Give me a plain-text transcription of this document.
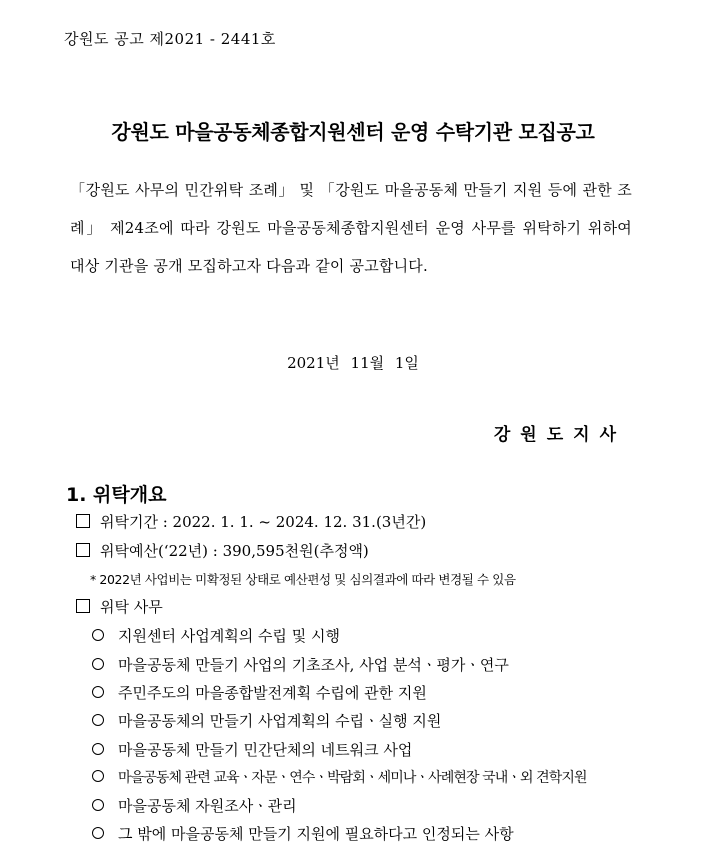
강원도 공고 제2021 - 2441호
강원도 마을공동체종합지원센터 운영 수탁기관 모집공고
「강원도 사무의 민간위탁 조례」 및 「강원도 마을공동체 만들기 지원 등에 관한 조례」 제24조에 따라 강원도 마을공동체종합지원센터 운영 사무를 위탁하기 위하여 대상 기관을 공개 모집하고자 다음과 같이 공고합니다.
2021년 11월 1일
강원도지사
1. 위탁개요
위탁기간 : 2022. 1. 1. ~ 2024. 12. 31.(3년간)
위탁예산(‘22년) : 390,595천원(추정액)
* 2022년 사업비는 미확정된 상태로 예산편성 및 심의결과에 따라 변경될 수 있음
위탁 사무
지원센터 사업계획의 수립 및 시행
마을공동체 만들기 사업의 기초조사, 사업 분석ㆍ평가ㆍ연구
주민주도의 마을종합발전계획 수립에 관한 지원
마을공동체의 만들기 사업계획의 수립ㆍ실행 지원
마을공동체 만들기 민간단체의 네트워크 사업
마을공동체 관련 교육ㆍ자문ㆍ연수ㆍ박람회ㆍ세미나ㆍ사례현장 국내ㆍ외 견학지원
마을공동체 자원조사ㆍ관리
그 밖에 마을공동체 만들기 지원에 필요하다고 인정되는 사항
